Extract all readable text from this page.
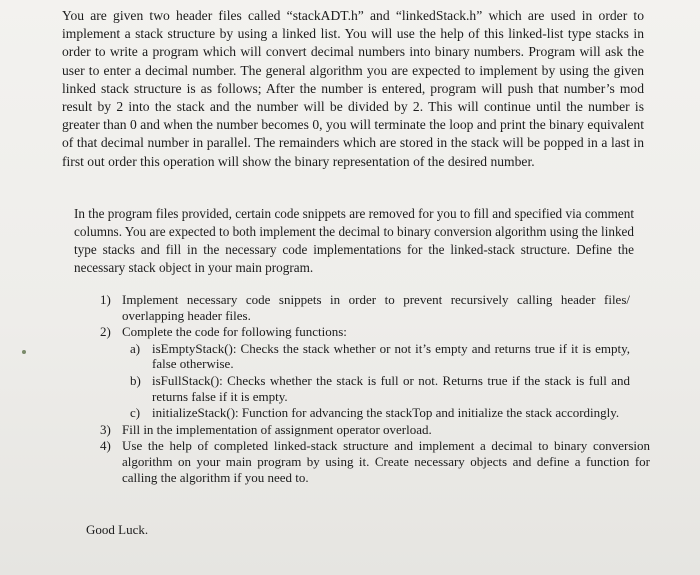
You are given two header files called “stackADT.h” and “linkedStack.h” which are used in order to implement a stack structure by using a linked list. You will use the help of this linked-list type stacks in order to write a program which will convert decimal numbers into binary numbers. Program will ask the user to enter a decimal number. The general algorithm you are expected to implement by using the given linked stack structure is as follows; After the number is entered, program will push that number’s mod result by 2 into the stack and the number will be divided by 2. This will continue until the number is greater than 0 and when the number becomes 0, you will terminate the loop and print the binary equivalent of that decimal number in parallel. The remainders which are stored in the stack will be popped in a last in first out order this operation will show the binary representation of the desired number.

In the program files provided, certain code snippets are removed for you to fill and specified via comment columns. You are expected to both implement the decimal to binary conversion algorithm using the linked type stacks and fill in the necessary code implementations for the linked-stack structure. Define the necessary stack object in your main program.

1) Implement necessary code snippets in order to prevent recursively calling header files/ overlapping header files.
2) Complete the code for following functions:
a) isEmptyStack(): Checks the stack whether or not it’s empty and returns true if it is empty, false otherwise.
b) isFullStack(): Checks whether the stack is full or not. Returns true if the stack is full and returns false if it is empty.
c) initializeStack(): Function for advancing the stackTop and initialize the stack accordingly.
3) Fill in the implementation of assignment operator overload.
4) Use the help of completed linked-stack structure and implement a decimal to binary conversion algorithm on your main program by using it. Create necessary objects and define a function for calling the algorithm if you need to.
Good Luck.
